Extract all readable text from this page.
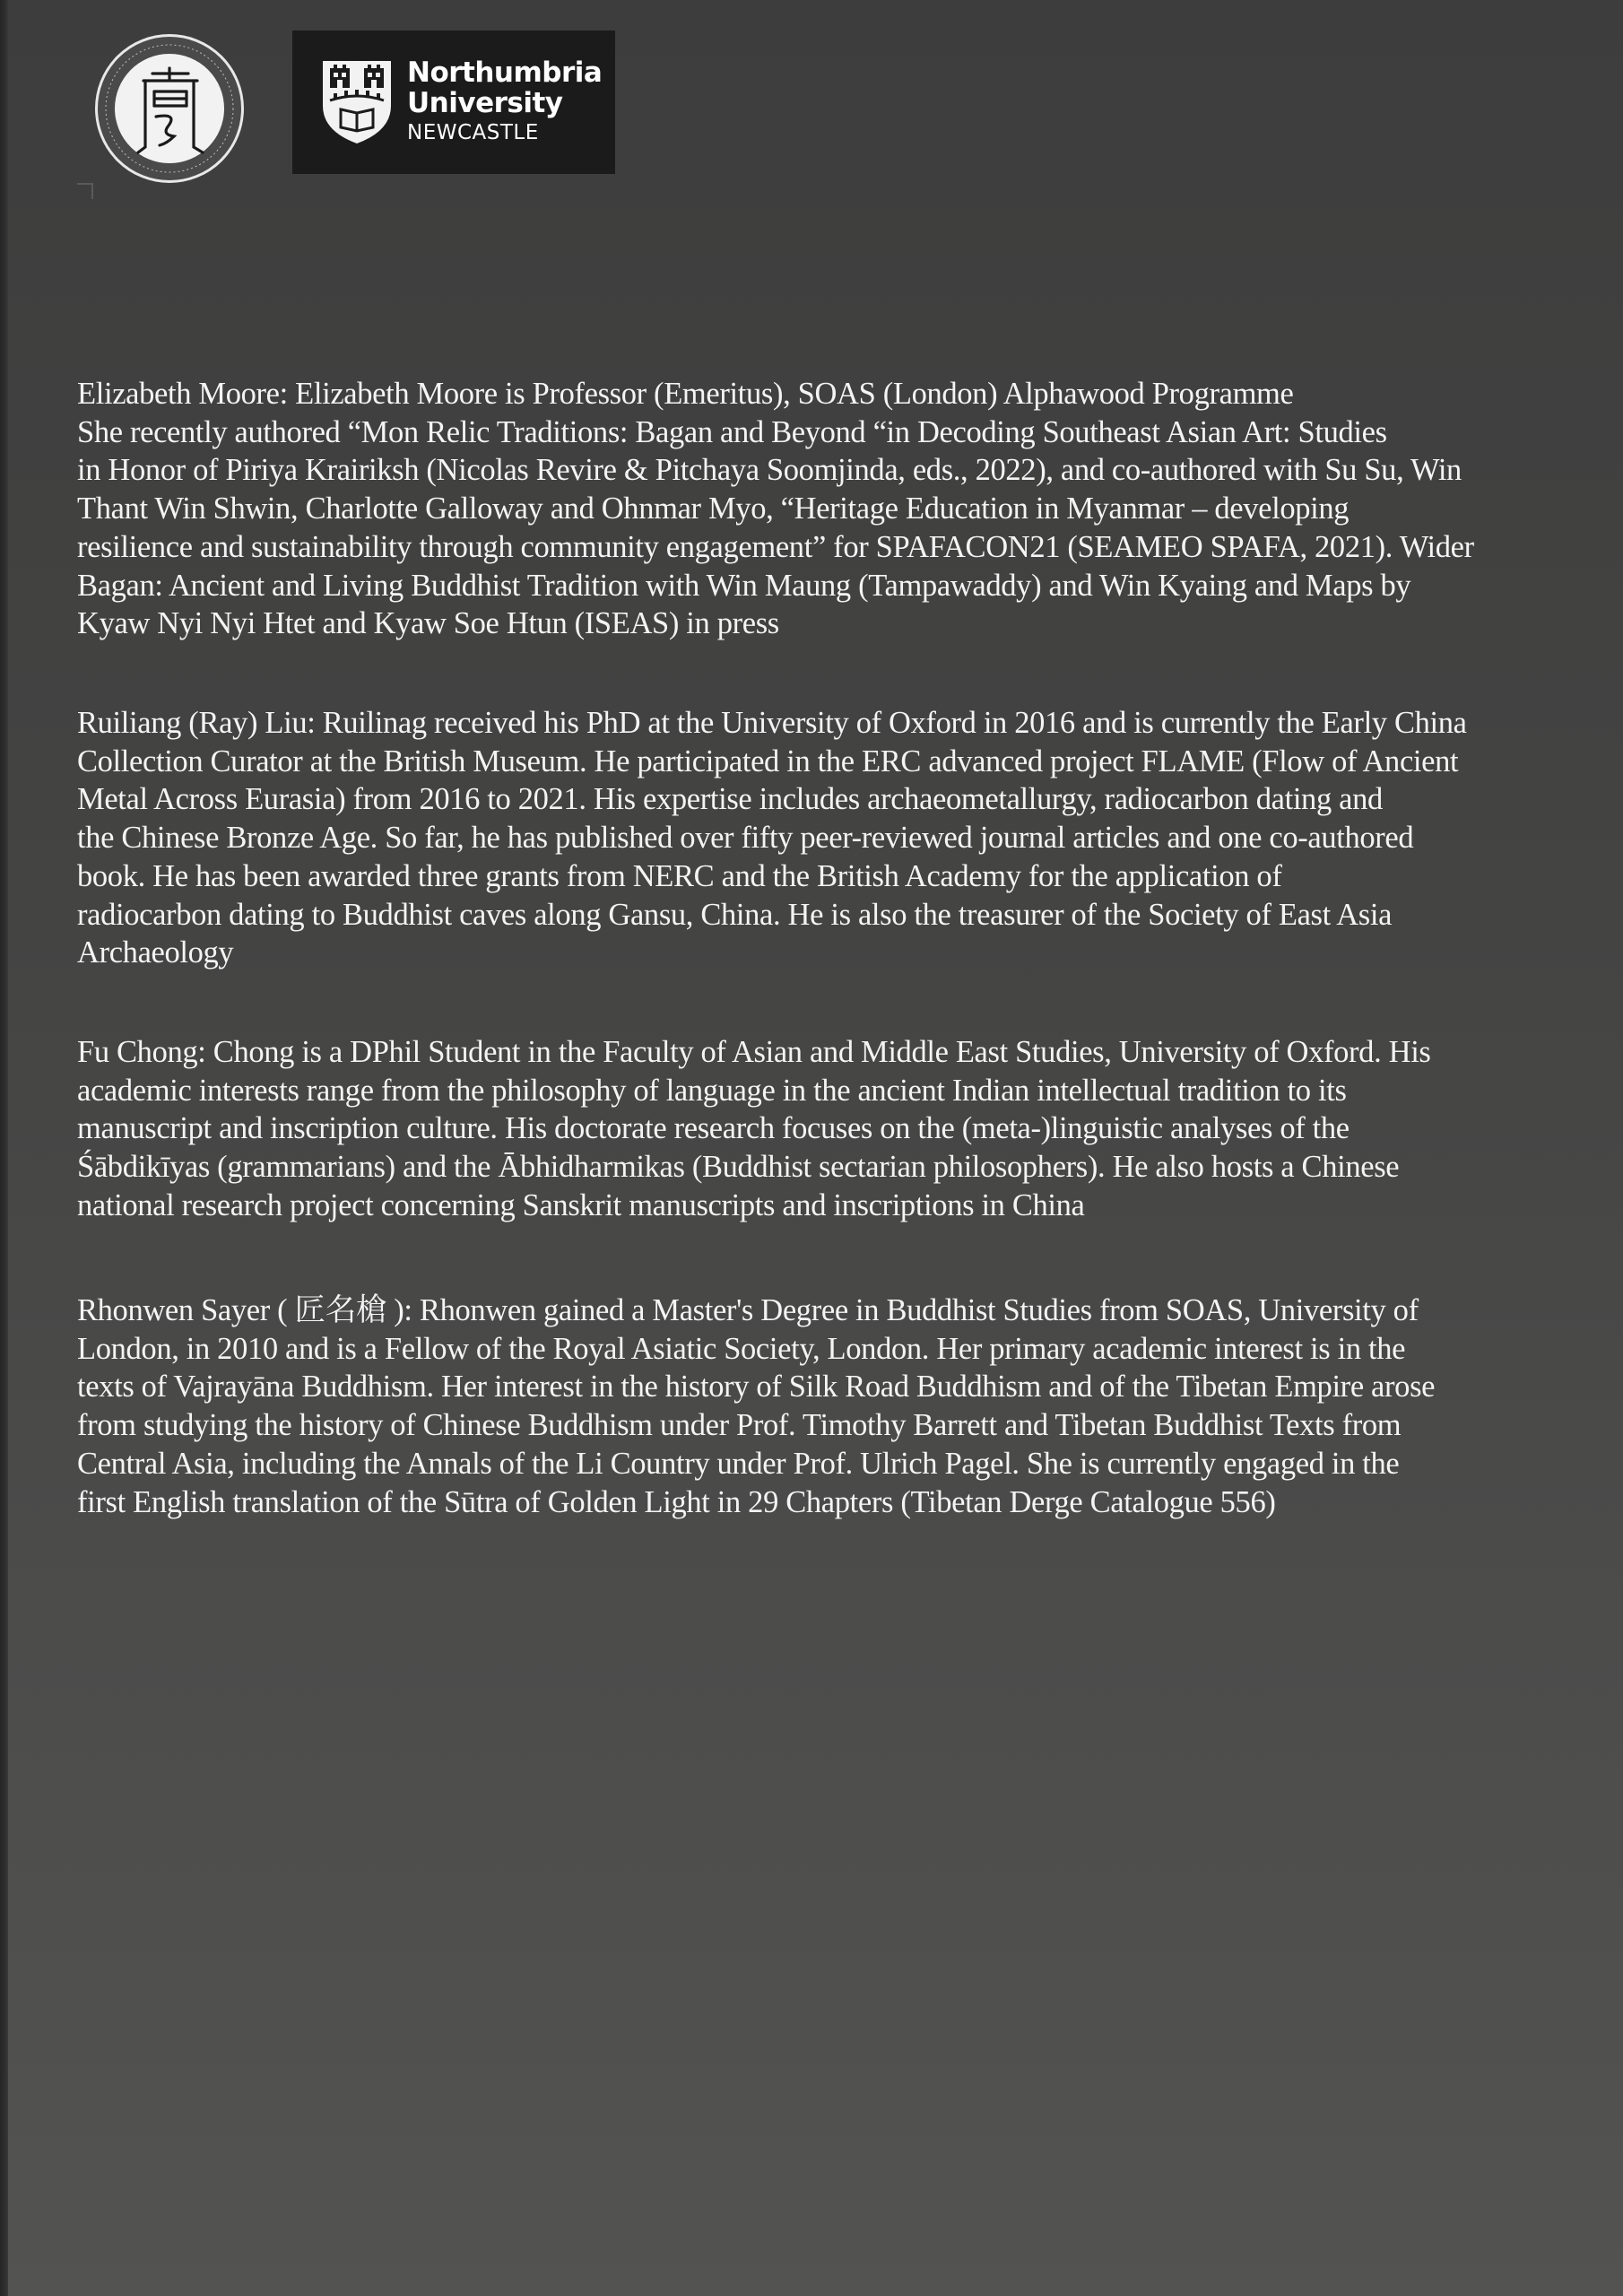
Northumbria
University
NEWCASTLE
Elizabeth Moore: Elizabeth Moore is Professor (Emeritus), SOAS (London) Alphawood Programme
She recently authored “Mon Relic Traditions: Bagan and Beyond “in Decoding Southeast Asian Art: Studies
in Honor of Piriya Krairiksh (Nicolas Revire & Pitchaya Soomjinda, eds., 2022), and co-authored with Su Su, Win
Thant Win Shwin, Charlotte Galloway and Ohnmar Myo, “Heritage Education in Myanmar – developing
resilience and sustainability through community engagement” for SPAFACON21 (SEAMEO SPAFA, 2021). Wider
Bagan: Ancient and Living Buddhist Tradition with Win Maung (Tampawaddy) and Win Kyaing and Maps by
Kyaw Nyi Nyi Htet and Kyaw Soe Htun (ISEAS) in press
Ruiliang (Ray) Liu: Ruilinag received his PhD at the University of Oxford in 2016 and is currently the Early China
Collection Curator at the British Museum. He participated in the ERC advanced project FLAME (Flow of Ancient
Metal Across Eurasia) from 2016 to 2021. His expertise includes archaeometallurgy, radiocarbon dating and
the Chinese Bronze Age. So far, he has published over fifty peer-reviewed journal articles and one co-authored
book. He has been awarded three grants from NERC and the British Academy for the application of
radiocarbon dating to Buddhist caves along Gansu, China. He is also the treasurer of the Society of East Asia
Archaeology
Fu Chong: Chong is a DPhil Student in the Faculty of Asian and Middle East Studies, University of Oxford. His
academic interests range from the philosophy of language in the ancient Indian intellectual tradition to its
manuscript and inscription culture. His doctorate research focuses on the (meta-)linguistic analyses of the
Śābdikīyas (grammarians) and the Ābhidharmikas (Buddhist sectarian philosophers). He also hosts a Chinese
national research project concerning Sanskrit manuscripts and inscriptions in China
Rhonwen Sayer ( 匠名槍 ): Rhonwen gained a Master's Degree in Buddhist Studies from SOAS, University of
London, in 2010 and is a Fellow of the Royal Asiatic Society, London. Her primary academic interest is in the
texts of Vajrayāna Buddhism. Her interest in the history of Silk Road Buddhism and of the Tibetan Empire arose
from studying the history of Chinese Buddhism under Prof. Timothy Barrett and Tibetan Buddhist Texts from
Central Asia, including the Annals of the Li Country under Prof. Ulrich Pagel. She is currently engaged in the
first English translation of the Sūtra of Golden Light in 29 Chapters (Tibetan Derge Catalogue 556)
